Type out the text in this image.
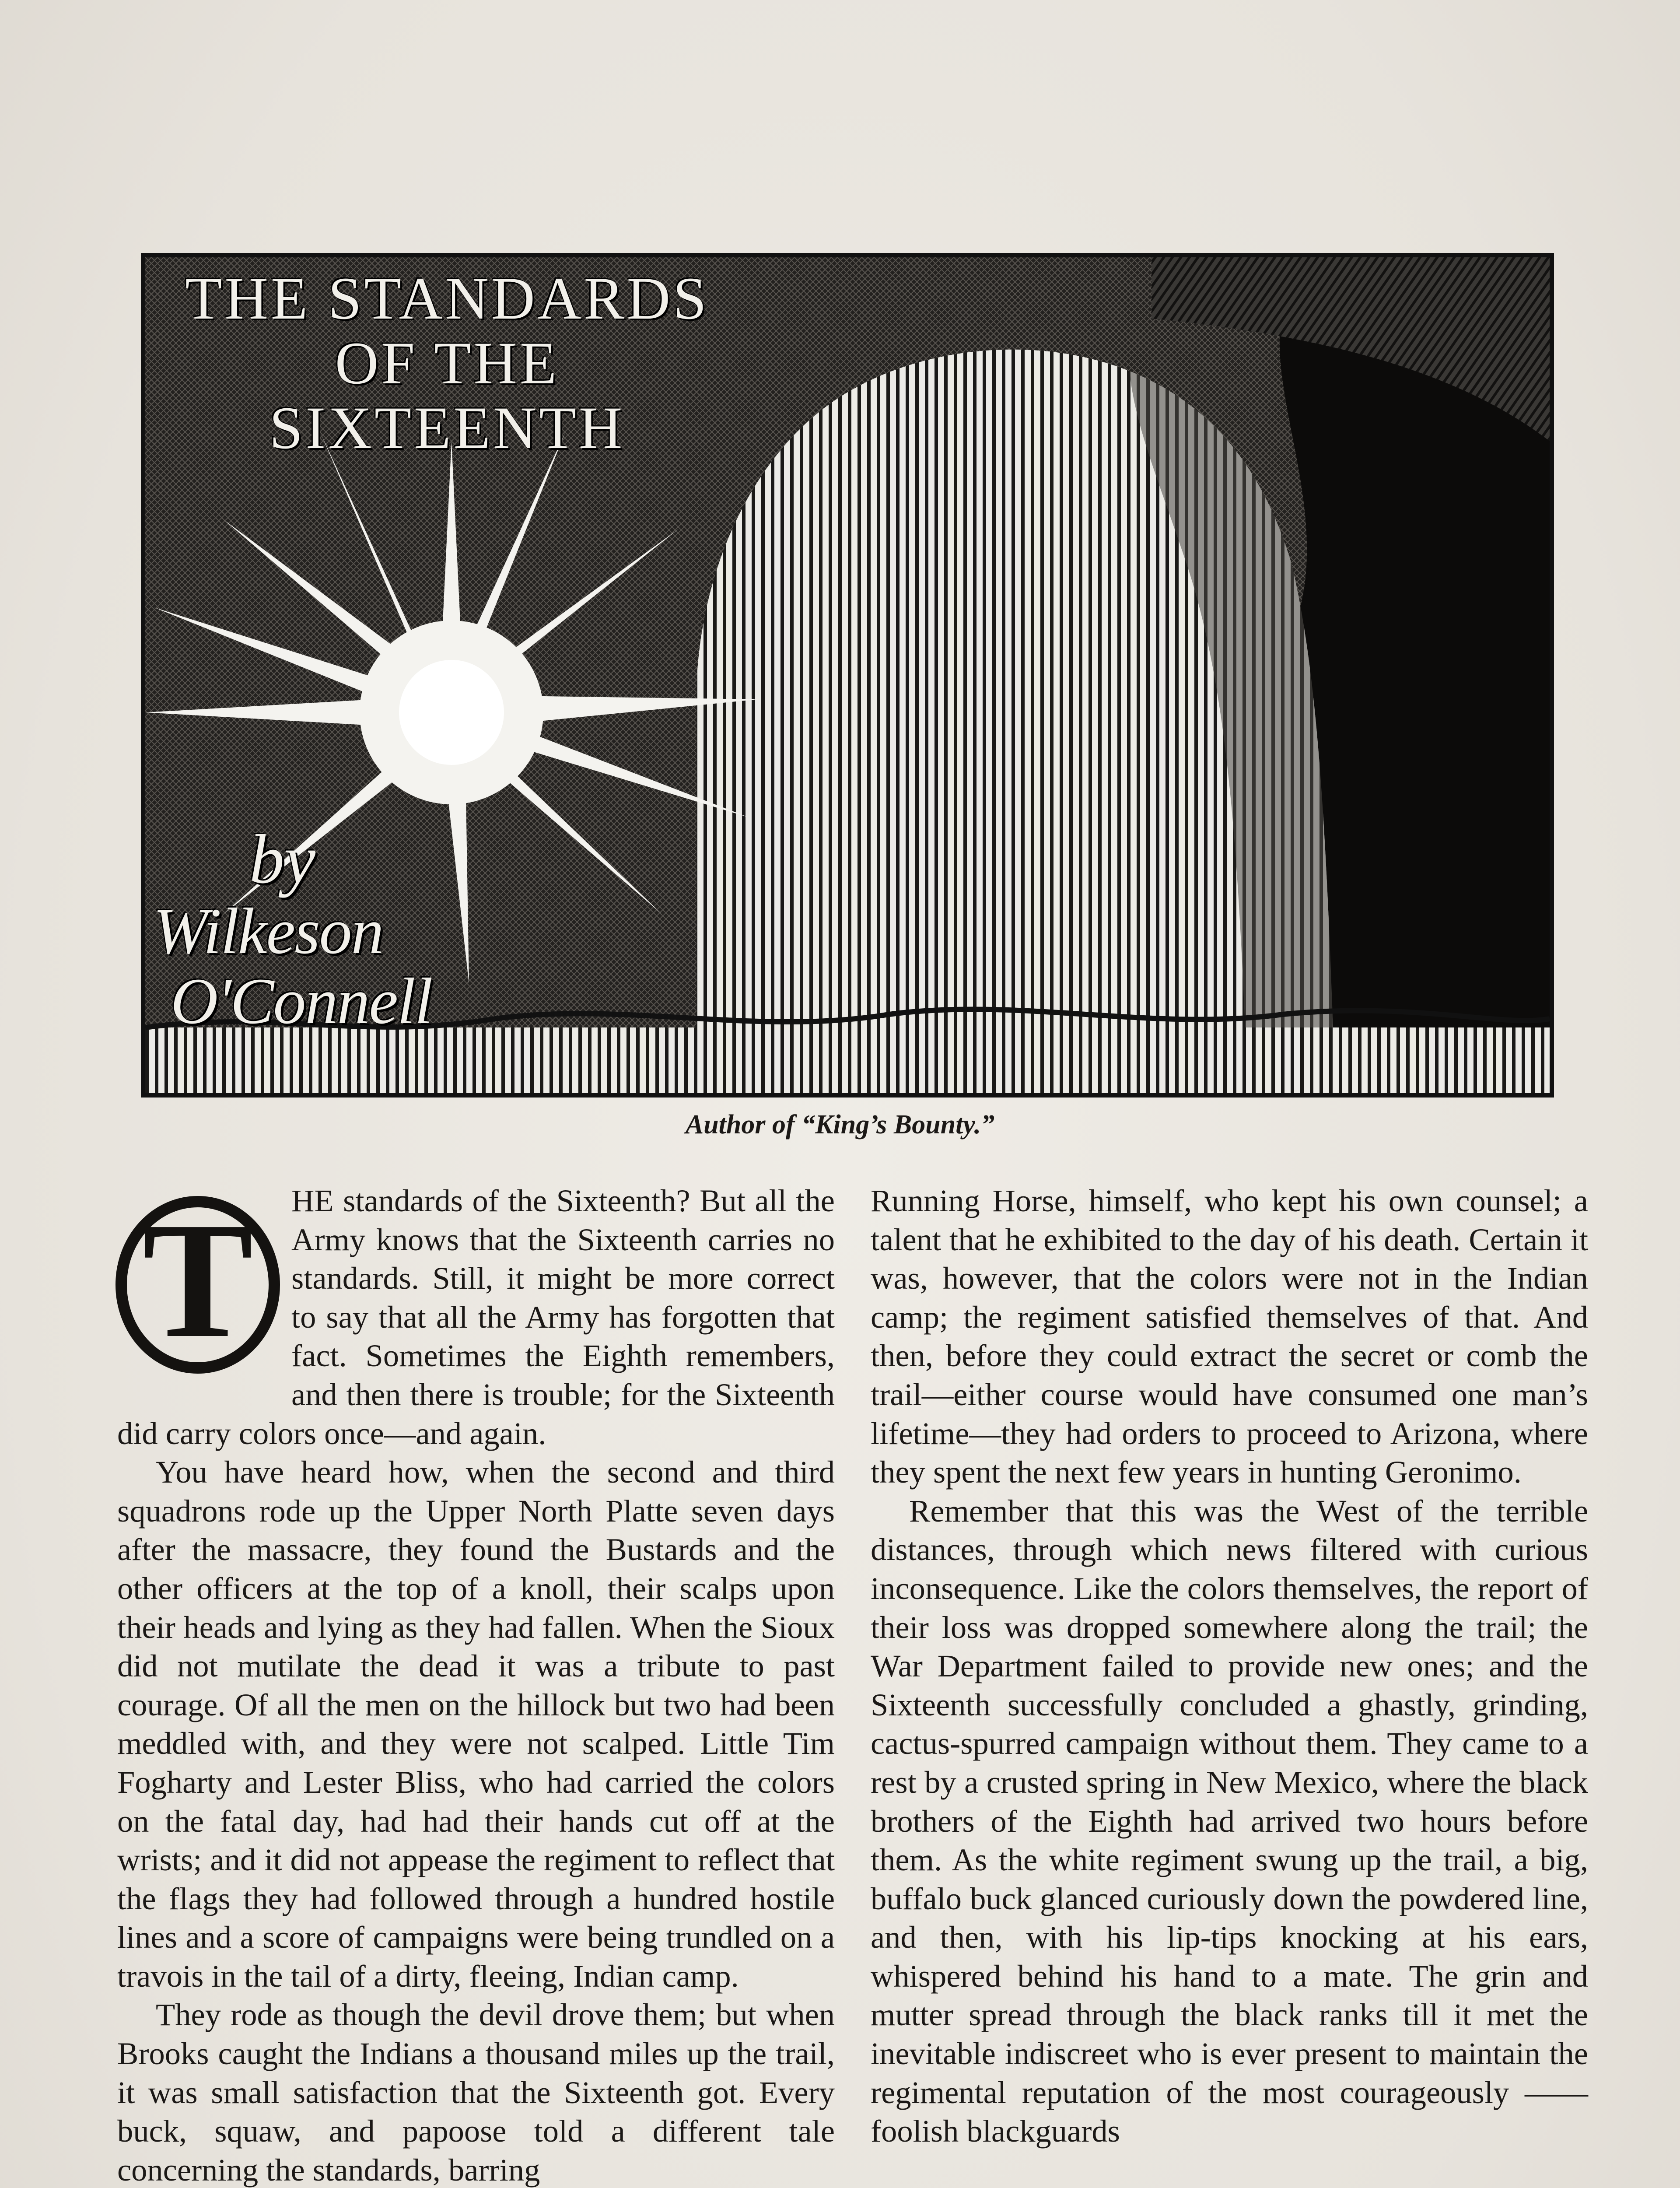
THE STANDARDS
OF THE
SIXTEENTH
by
Wilkeson
O'Connell
Author of “King’s Bounty.”
T	HE standards of the Sixteenth? But all the Army knows that the Sixteenth carries no standards. Still, it might be more correct to say that all the Army has forgotten that fact. Sometimes the Eighth remembers, and then there is trouble; for the Sixteenth did carry colors once—and again.

You have heard how, when the second and third squadrons rode up the Upper North Platte seven days after the massacre, they found the Bustards and the other officers at the top of a knoll, their scalps upon their heads and lying as they had fallen. When the Sioux did not mutilate the dead it was a tribute to past courage. Of all the men on the hillock but two had been meddled with, and they were not scalped. Little Tim Fogharty and Lester Bliss, who had carried the colors on the fatal day, had had their hands cut off at the wrists; and it did not appease the regiment to reflect that the flags they had followed through a hundred hostile lines and a score of campaigns were being trundled on a travois in the tail of a dirty, fleeing, Indian camp.

They rode as though the devil drove them; but when Brooks caught the Indians a thousand miles up the trail, it was small satisfaction that the Sixteenth got. Every buck, squaw, and papoose told a different tale concerning the standards, barring

Running Horse, himself, who kept his own counsel; a talent that he exhibited to the day of his death. Certain it was, however, that the colors were not in the Indian camp; the regiment satisfied themselves of that. And then, before they could extract the secret or comb the trail—either course would have consumed one man’s lifetime—they had orders to proceed to Arizona, where they spent the next few years in hunting Geronimo.

Remember that this was the West of the terrible distances, through which news filtered with curious inconsequence. Like the colors themselves, the report of their loss was dropped somewhere along the trail; the War Department failed to provide new ones; and the Sixteenth successfully concluded a ghastly, grinding, cactus-spurred campaign without them. They came to a rest by a crusted spring in New Mexico, where the black brothers of the Eighth had arrived two hours before them. As the white regiment swung up the trail, a big, buffalo buck glanced curiously down the powdered line, and then, with his lip-tips knocking at his ears, whispered behind his hand to a mate. The grin and mutter spread through the black ranks till it met the inevitable indiscreet who is ever present to maintain the regimental reputation of the most courageously ——foolish blackguards
